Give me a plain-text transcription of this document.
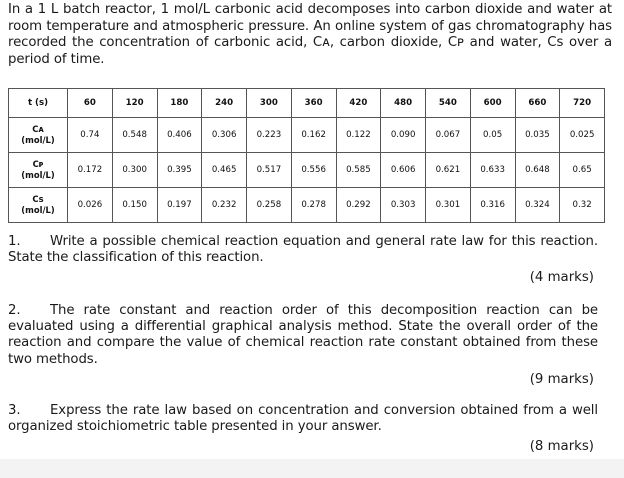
In a 1 L batch reactor, 1 mol/L carbonic acid decomposes into carbon dioxide and water at room temperature and atmospheric pressure. An online system of gas chromatography has recorded the concentration of carbonic acid, Cᴀ, carbon dioxide, Cᴘ and water, Cꜱ over a period of time.
t (s)	60	120	180	240	300	360	420	480	540	600	660	720

Cᴀ
(mol/L)	0.74	0.548	0.406	0.306	0.223	0.162	0.122	0.090	0.067	0.05	0.035	0.025

Cᴘ
(mol/L)	0.172	0.300	0.395	0.465	0.517	0.556	0.585	0.606	0.621	0.633	0.648	0.65

Cꜱ
(mol/L)	0.026	0.150	0.197	0.232	0.258	0.278	0.292	0.303	0.301	0.316	0.324	0.32
1. Write a possible chemical reaction equation and general rate law for this reaction. State the classification of this reaction.
(4 marks)
2. The rate constant and reaction order of this decomposition reaction can be evaluated using a differential graphical analysis method. State the overall order of the reaction and compare the value of chemical reaction rate constant obtained from these two methods.
(9 marks)
3. Express the rate law based on concentration and conversion obtained from a well organized stoichiometric table presented in your answer.
(8 marks)
